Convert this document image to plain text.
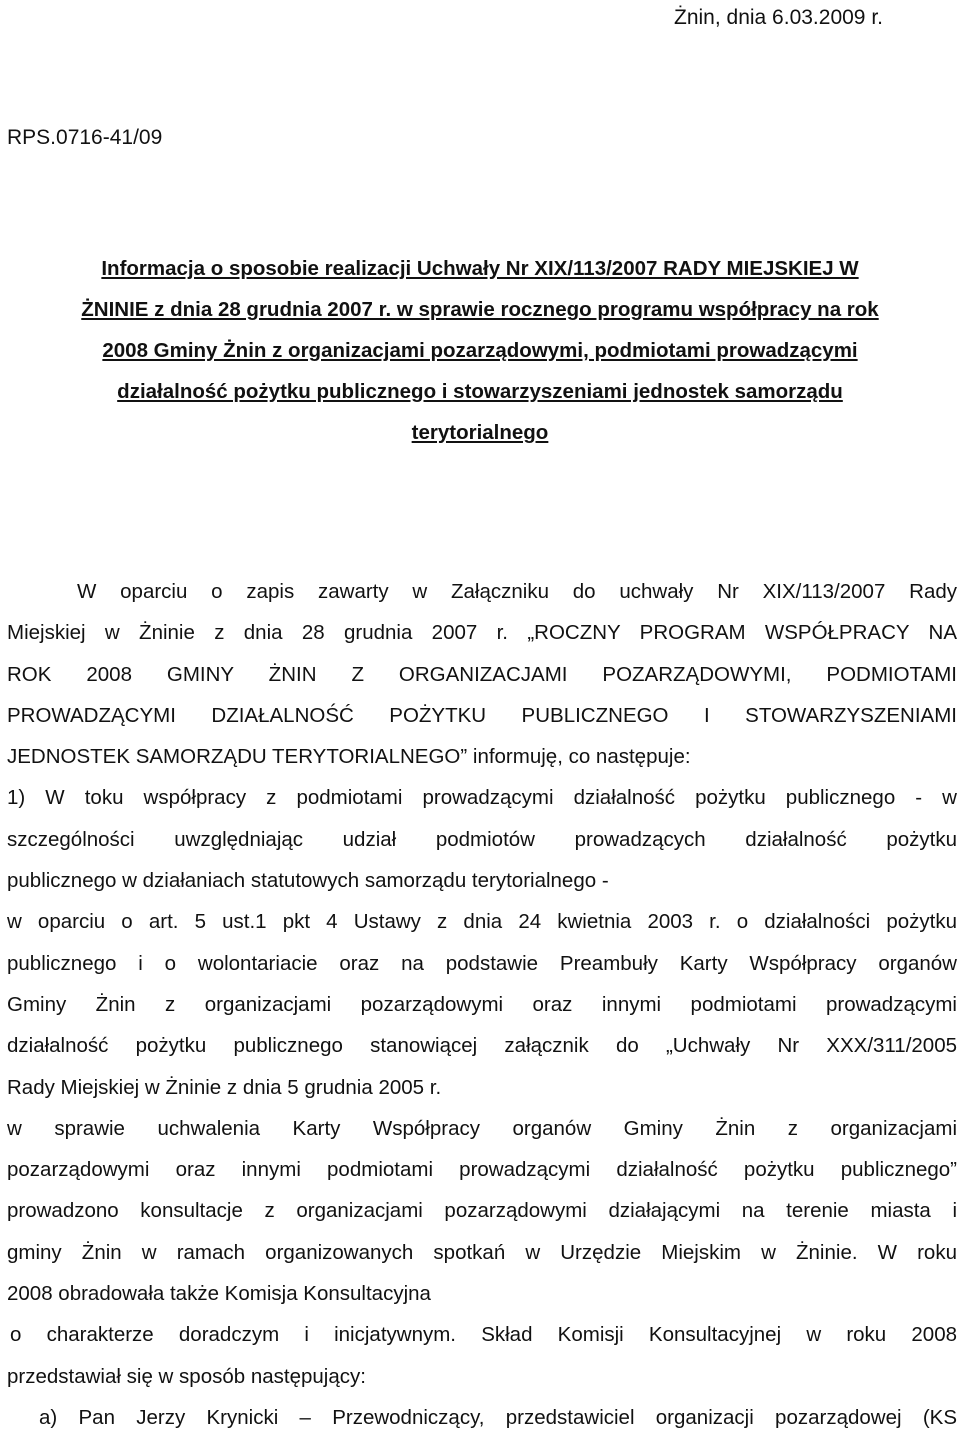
Żnin, dnia 6.03.2009 r.
RPS.0716-41/09
Informacja o sposobie realizacji Uchwały Nr XIX/113/2007 RADY MIEJSKIEJ W
ŻNINIE z dnia 28 grudnia 2007 r. w sprawie rocznego programu współpracy na rok
2008 Gminy Żnin z organizacjami pozarządowymi, podmiotami prowadzącymi
działalność pożytku publicznego i stowarzyszeniami jednostek samorządu
terytorialnego
W oparciu o zapis zawarty w Załączniku do uchwały Nr XIX/113/2007 Rady
Miejskiej w Żninie z dnia 28 grudnia 2007 r. „ROCZNY PROGRAM WSPÓŁPRACY NA
ROK 2008 GMINY ŻNIN Z ORGANIZACJAMI POZARZĄDOWYMI, PODMIOTAMI
PROWADZĄCYMI DZIAŁALNOŚĆ POŻYTKU PUBLICZNEGO I STOWARZYSZENIAMI
JEDNOSTEK SAMORZĄDU TERYTORIALNEGO” informuję, co następuje:
1) W toku współpracy z podmiotami prowadzącymi działalność pożytku publicznego - w
szczególności uwzględniając udział podmiotów prowadzących działalność pożytku
publicznego w działaniach statutowych samorządu terytorialnego -
w oparciu o art. 5 ust.1 pkt 4 Ustawy z dnia 24 kwietnia 2003 r. o działalności pożytku
publicznego i o wolontariacie oraz na podstawie Preambuły Karty Współpracy organów
Gminy Żnin z organizacjami pozarządowymi oraz innymi podmiotami prowadzącymi
działalność pożytku publicznego stanowiącej załącznik do „Uchwały Nr XXX/311/2005
Rady Miejskiej w Żninie z dnia 5 grudnia 2005 r.
w sprawie uchwalenia Karty Współpracy organów Gminy Żnin z organizacjami
pozarządowymi oraz innymi podmiotami prowadzącymi działalność pożytku publicznego”
prowadzono konsultacje z organizacjami pozarządowymi działającymi na terenie miasta i
gminy Żnin w ramach organizowanych spotkań w Urzędzie Miejskim w Żninie. W roku
2008 obradowała także Komisja Konsultacyjna
o charakterze doradczym i inicjatywnym. Skład Komisji Konsultacyjnej w roku 2008
przedstawiał się w sposób następujący:
a) Pan Jerzy Krynicki – Przewodniczący, przedstawiciel organizacji pozarządowej (KS
